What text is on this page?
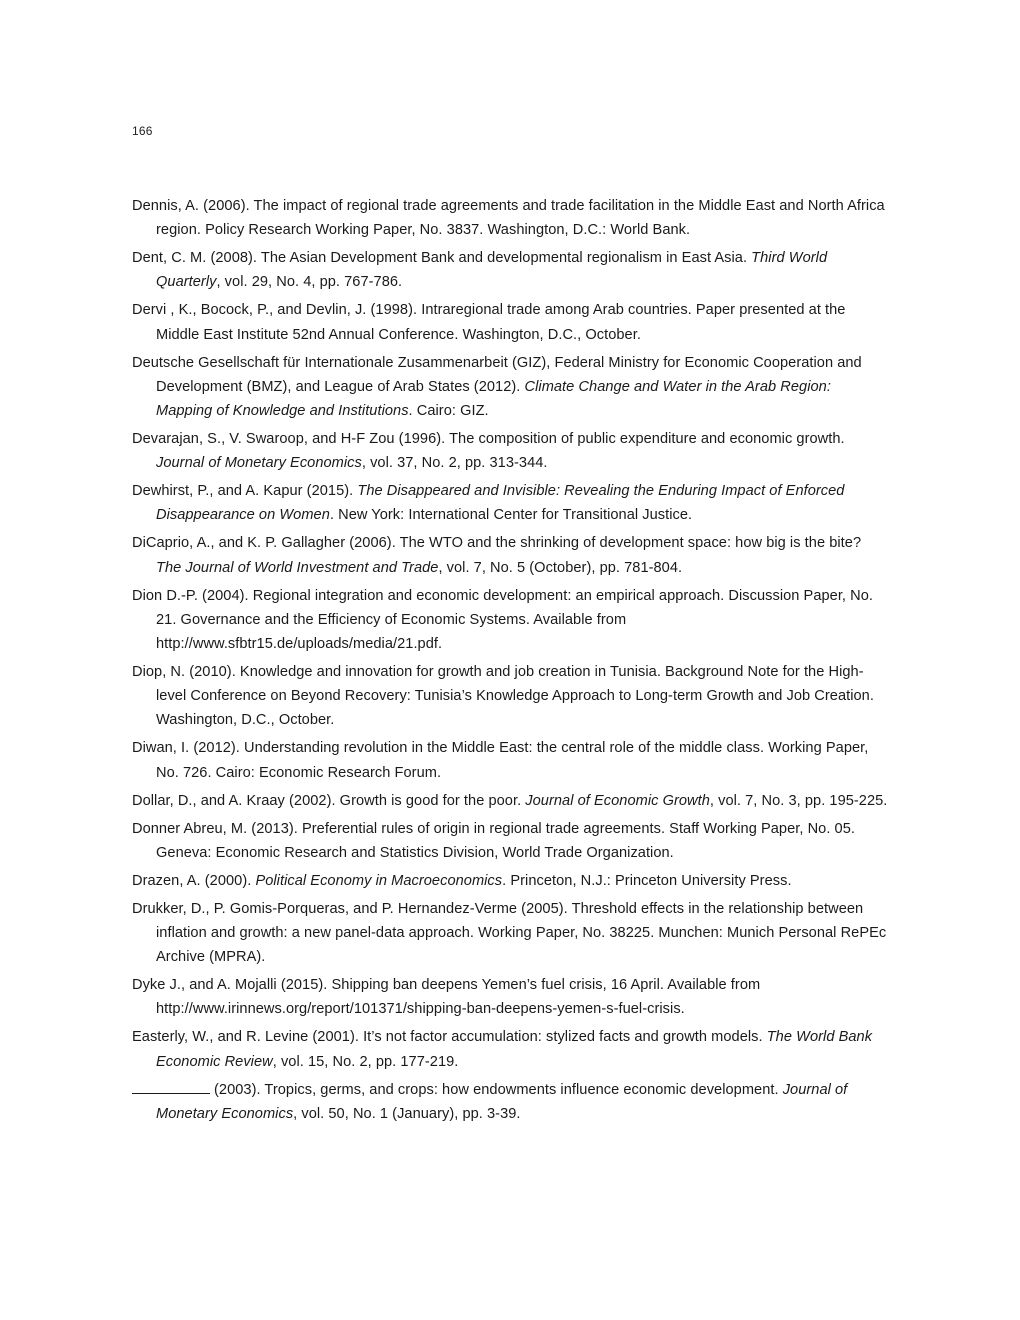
166

Dennis, A. (2006). The impact of regional trade agreements and trade facilitation in the Middle East and North Africa region. Policy Research Working Paper, No. 3837. Washington, D.C.: World Bank.

Dent, C. M. (2008). The Asian Development Bank and developmental regionalism in East Asia. Third World Quarterly, vol. 29, No. 4, pp. 767-786.

Dervi , K., Bocock, P., and Devlin, J. (1998). Intraregional trade among Arab countries. Paper presented at the Middle East Institute 52nd Annual Conference. Washington, D.C., October.

Deutsche Gesellschaft für Internationale Zusammenarbeit (GIZ), Federal Ministry for Economic Cooperation and Development (BMZ), and League of Arab States (2012). Climate Change and Water in the Arab Region: Mapping of Knowledge and Institutions. Cairo: GIZ.

Devarajan, S., V. Swaroop, and H-F Zou (1996). The composition of public expenditure and economic growth. Journal of Monetary Economics, vol. 37, No. 2, pp. 313-344.

Dewhirst, P., and A. Kapur (2015). The Disappeared and Invisible: Revealing the Enduring Impact of Enforced Disappearance on Women. New York: International Center for Transitional Justice.

DiCaprio, A., and K. P. Gallagher (2006). The WTO and the shrinking of development space: how big is the bite? The Journal of World Investment and Trade, vol. 7, No. 5 (October), pp. 781-804.

Dion D.-P. (2004). Regional integration and economic development: an empirical approach. Discussion Paper, No. 21. Governance and the Efficiency of Economic Systems. Available from http://www.sfbtr15.de/uploads/media/21.pdf.

Diop, N. (2010). Knowledge and innovation for growth and job creation in Tunisia. Background Note for the High-level Conference on Beyond Recovery: Tunisia’s Knowledge Approach to Long-term Growth and Job Creation. Washington, D.C., October.

Diwan, I. (2012). Understanding revolution in the Middle East: the central role of the middle class. Working Paper, No. 726. Cairo: Economic Research Forum.

Dollar, D., and A. Kraay (2002). Growth is good for the poor. Journal of Economic Growth, vol. 7, No. 3, pp. 195-225.

Donner Abreu, M. (2013). Preferential rules of origin in regional trade agreements. Staff Working Paper, No. 05. Geneva: Economic Research and Statistics Division, World Trade Organization.

Drazen, A. (2000). Political Economy in Macroeconomics. Princeton, N.J.: Princeton University Press.

Drukker, D., P. Gomis-Porqueras, and P. Hernandez-Verme (2005). Threshold effects in the relationship between inflation and growth: a new panel-data approach. Working Paper, No. 38225. Munchen: Munich Personal RePEc Archive (MPRA).

Dyke J., and A. Mojalli (2015). Shipping ban deepens Yemen’s fuel crisis, 16 April. Available from http://www.irinnews.org/report/101371/shipping-ban-deepens-yemen-s-fuel-crisis.

Easterly, W., and R. Levine (2001). It’s not factor accumulation: stylized facts and growth models. The World Bank Economic Review, vol. 15, No. 2, pp. 177-219.

(2003). Tropics, germs, and crops: how endowments influence economic development. Journal of Monetary Economics, vol. 50, No. 1 (January), pp. 3-39.
